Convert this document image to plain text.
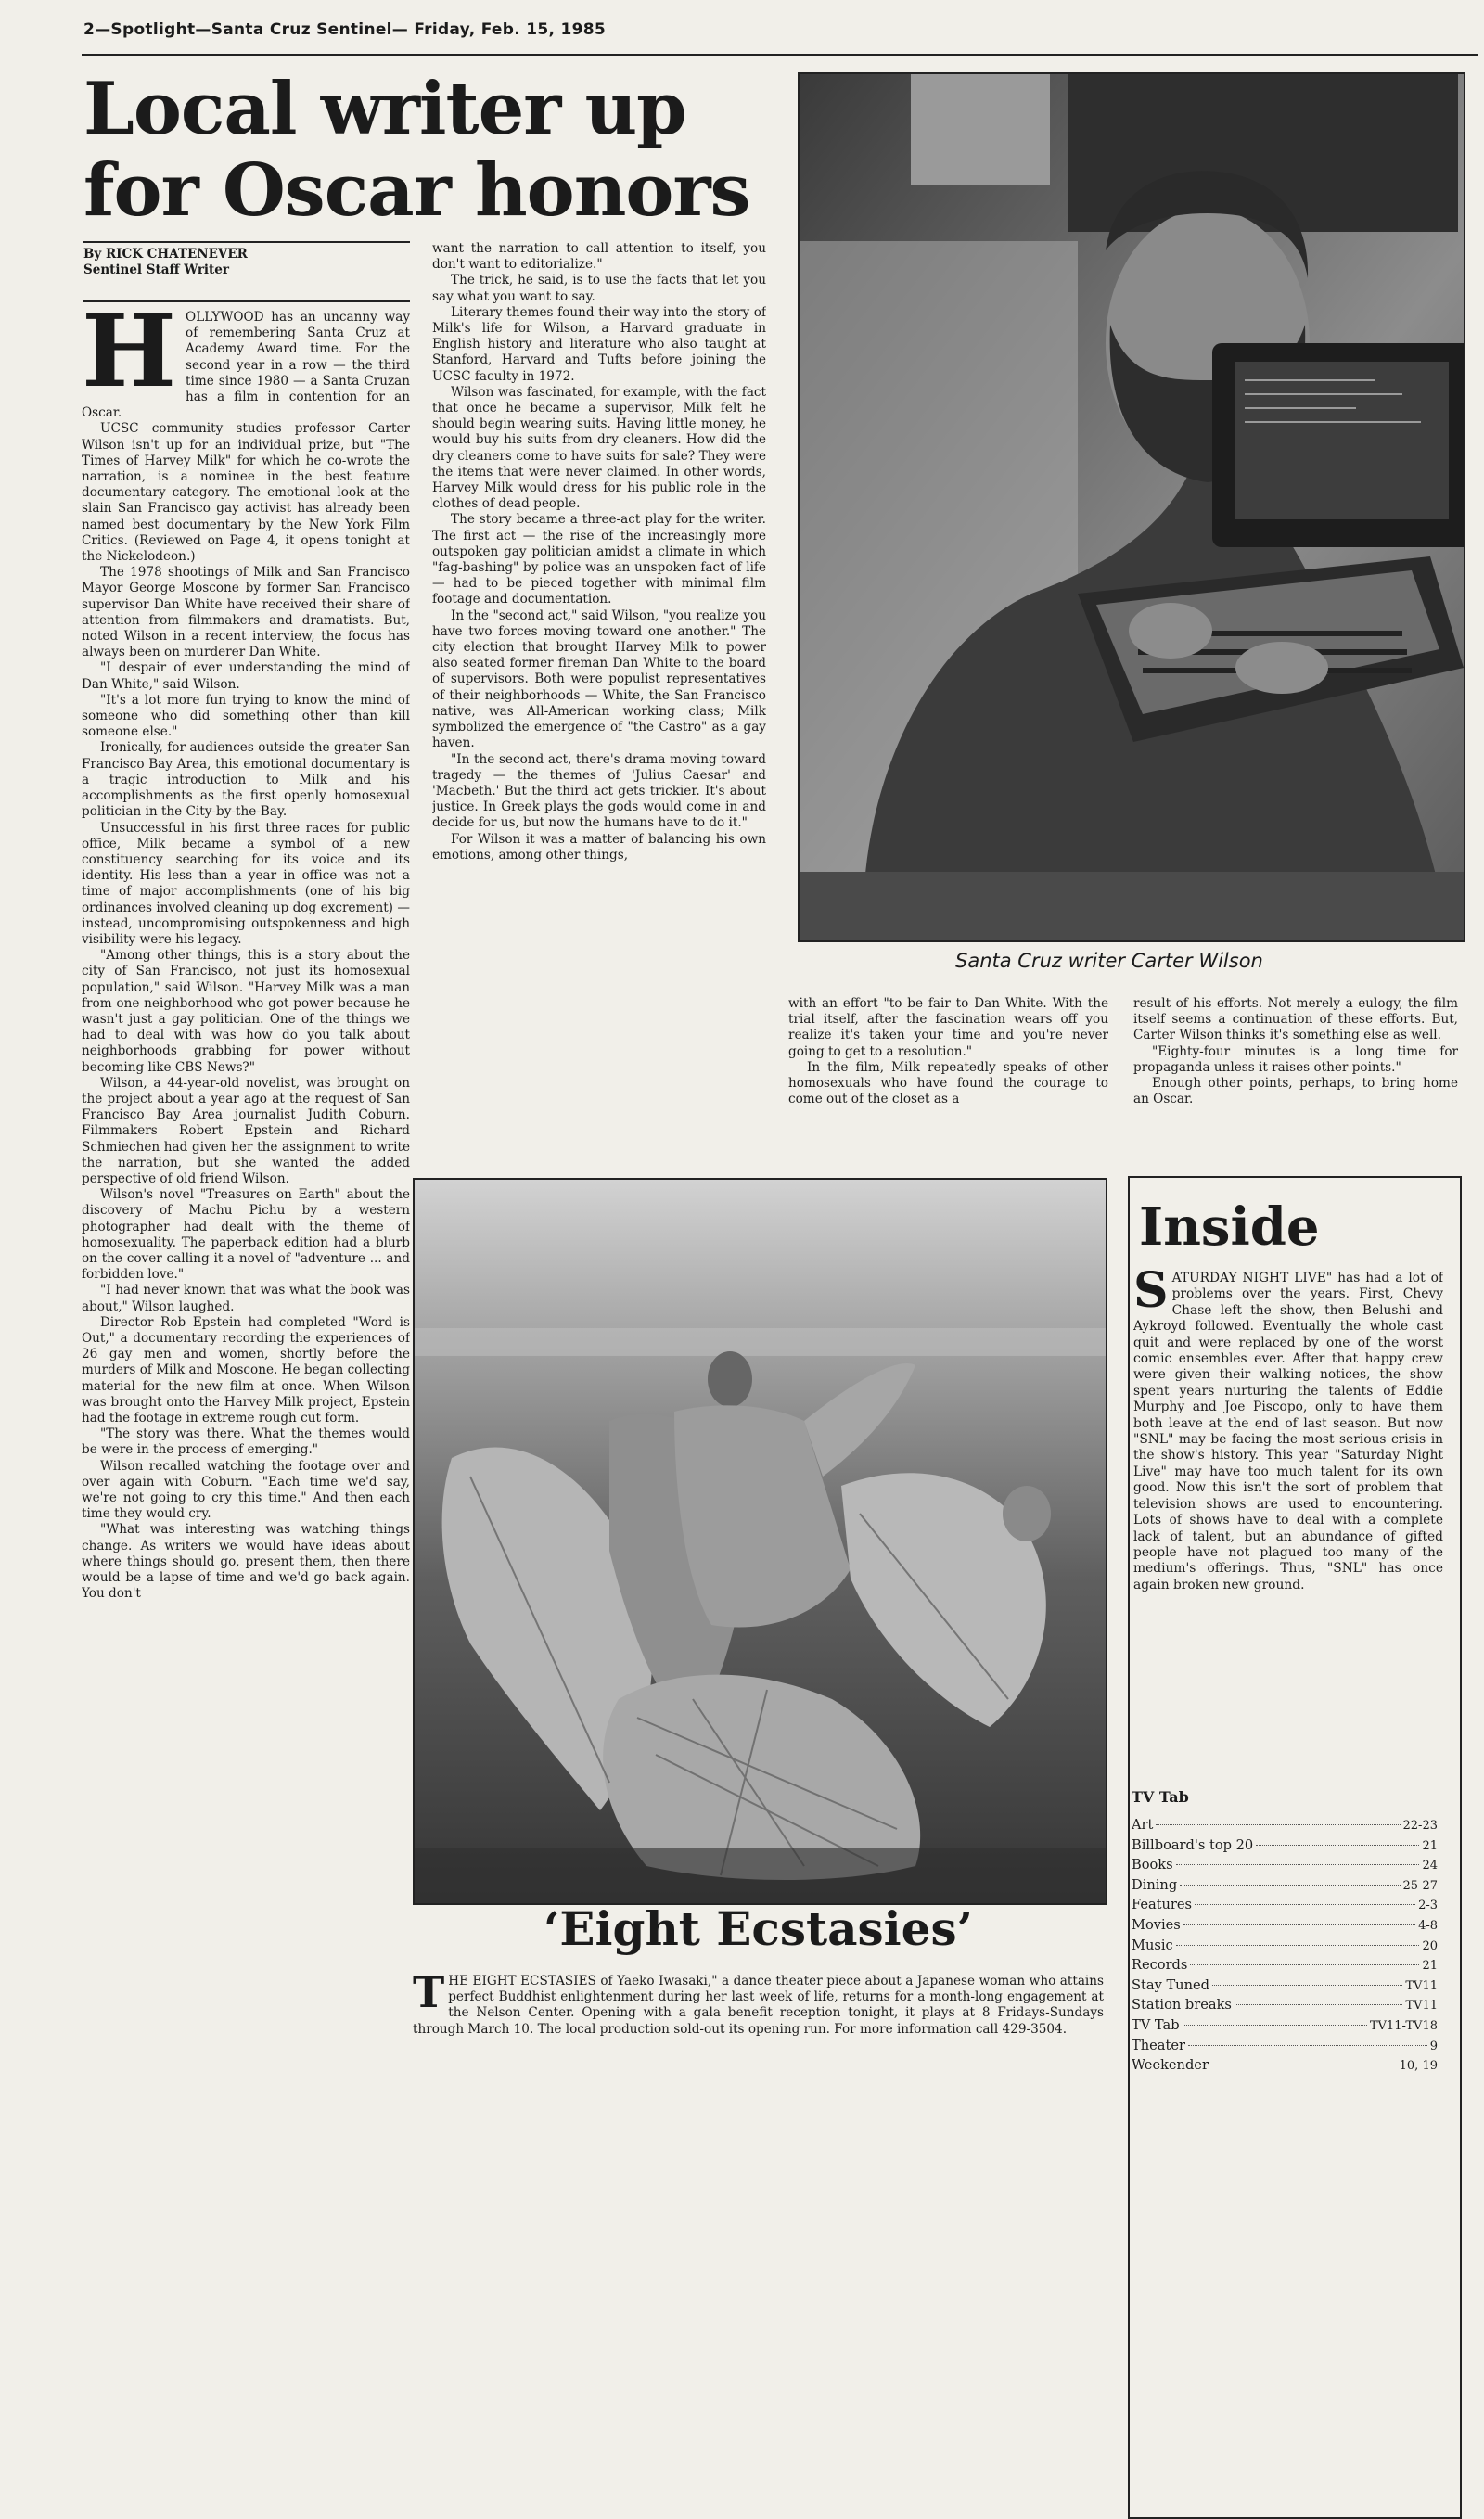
2—Spotlight—Santa Cruz Sentinel— Friday, Feb. 15, 1985
Local writer up
for Oscar honors
By RICK CHATENEVER
Sentinel Staff Writer

HOLLYWOOD has an uncanny way of remembering Santa Cruz at Academy Award time. For the second year in a row — the third time since 1980 — a Santa Cruzan has a film in contention for an Oscar.

UCSC community studies professor Carter Wilson isn't up for an individual prize, but "The Times of Harvey Milk" for which he co-wrote the narration, is a nominee in the best feature documentary category. The emotional look at the slain San Francisco gay activist has already been named best documentary by the New York Film Critics. (Reviewed on Page 4, it opens tonight at the Nickelodeon.)

The 1978 shootings of Milk and San Francisco Mayor George Moscone by former San Francisco supervisor Dan White have received their share of attention from filmmakers and dramatists. But, noted Wilson in a recent interview, the focus has always been on murderer Dan White.

"I despair of ever understanding the mind of Dan White," said Wilson.

"It's a lot more fun trying to know the mind of someone who did something other than kill someone else."

Ironically, for audiences outside the greater San Francisco Bay Area, this emotional documentary is a tragic introduction to Milk and his accomplishments as the first openly homosexual politician in the City-by-the-Bay.

Unsuccessful in his first three races for public office, Milk became a symbol of a new constituency searching for its voice and its identity. His less than a year in office was not a time of major accomplishments (one of his big ordinances involved cleaning up dog excrement) — instead, uncompromising outspokenness and high visibility were his legacy.

"Among other things, this is a story about the city of San Francisco, not just its homosexual population," said Wilson. "Harvey Milk was a man from one neighborhood who got power because he wasn't just a gay politician. One of the things we had to deal with was how do you talk about neighborhoods grabbing for power without becoming like CBS News?"

Wilson, a 44-year-old novelist, was brought on the project about a year ago at the request of San Francisco Bay Area journalist Judith Coburn. Filmmakers Robert Epstein and Richard Schmiechen had given her the assignment to write the narration, but she wanted the added perspective of old friend Wilson.

Wilson's novel "Treasures on Earth" about the discovery of Machu Pichu by a western photographer had dealt with the theme of homosexuality. The paperback edition had a blurb on the cover calling it a novel of "adventure ... and forbidden love."

"I had never known that was what the book was about," Wilson laughed.

Director Rob Epstein had completed "Word is Out," a documentary recording the experiences of 26 gay men and women, shortly before the murders of Milk and Moscone. He began collecting material for the new film at once. When Wilson was brought onto the Harvey Milk project, Epstein had the footage in extreme rough cut form.

"The story was there. What the themes would be were in the process of emerging."

Wilson recalled watching the footage over and over again with Coburn. "Each time we'd say, we're not going to cry this time." And then each time they would cry.

"What was interesting was watching things change. As writers we would have ideas about where things should go, present them, then there would be a lapse of time and we'd go back again. You don't

want the narration to call attention to itself, you don't want to editorialize."

The trick, he said, is to use the facts that let you say what you want to say.

Literary themes found their way into the story of Milk's life for Wilson, a Harvard graduate in English history and literature who also taught at Stanford, Harvard and Tufts before joining the UCSC faculty in 1972.

Wilson was fascinated, for example, with the fact that once he became a supervisor, Milk felt he should begin wearing suits. Having little money, he would buy his suits from dry cleaners. How did the dry cleaners come to have suits for sale? They were the items that were never claimed. In other words, Harvey Milk would dress for his public role in the clothes of dead people.

The story became a three-act play for the writer. The first act — the rise of the increasingly more outspoken gay politician amidst a climate in which "fag-bashing" by police was an unspoken fact of life — had to be pieced together with minimal film footage and documentation.

In the "second act," said Wilson, "you realize you have two forces moving toward one another." The city election that brought Harvey Milk to power also seated former fireman Dan White to the board of supervisors. Both were populist representatives of their neighborhoods — White, the San Francisco native, was All-American working class; Milk symbolized the emergence of "the Castro" as a gay haven.

"In the second act, there's drama moving toward tragedy — the themes of 'Julius Caesar' and 'Macbeth.' But the third act gets trickier. It's about justice. In Greek plays the gods would come in and decide for us, but now the humans have to do it."

For Wilson it was a matter of balancing his own emotions, among other things,

Santa Cruz writer Carter Wilson

with an effort "to be fair to Dan White. With the trial itself, after the fascination wears off you realize it's taken your time and you're never going to get to a resolution."

In the film, Milk repeatedly speaks of other homosexuals who have found the courage to come out of the closet as a

result of his efforts. Not merely a eulogy, the film itself seems a continuation of these efforts. But, Carter Wilson thinks it's something else as well.

"Eighty-four minutes is a long time for propaganda unless it raises other points."

Enough other points, perhaps, to bring home an Oscar.

‘Eight Ecstasies’

THE EIGHT ECSTASIES of Yaeko Iwasaki," a dance theater piece about a Japanese woman who attains perfect Buddhist enlightenment during her last week of life, returns for a month-long engagement at the Nelson Center. Opening with a gala benefit reception tonight, it plays at 8 Fridays-Sundays through March 10. The local production sold-out its opening run. For more information call 429-3504.

Inside

SATURDAY NIGHT LIVE" has had a lot of problems over the years. First, Chevy Chase left the show, then Belushi and Aykroyd followed. Eventually the whole cast quit and were replaced by one of the worst comic ensembles ever. After that happy crew were given their walking notices, the show spent years nurturing the talents of Eddie Murphy and Joe Piscopo, only to have them both leave at the end of last season. But now "SNL" may be facing the most serious crisis in the show's history. This year "Saturday Night Live" may have too much talent for its own good. Now this isn't the sort of problem that television shows are used to encountering. Lots of shows have to deal with a complete lack of talent, but an abundance of gifted people have not plagued too many of the medium's offerings. Thus, "SNL" has once again broken new ground.

TV Tab
Art	22-23
Billboard's top 20	21
Books	24
Dining	25-27
Features	2-3
Movies	4-8
Music	20
Records	21
Stay Tuned	TV11
Station breaks	TV11
TV Tab	TV11-TV18
Theater	9
Weekender	10, 19
